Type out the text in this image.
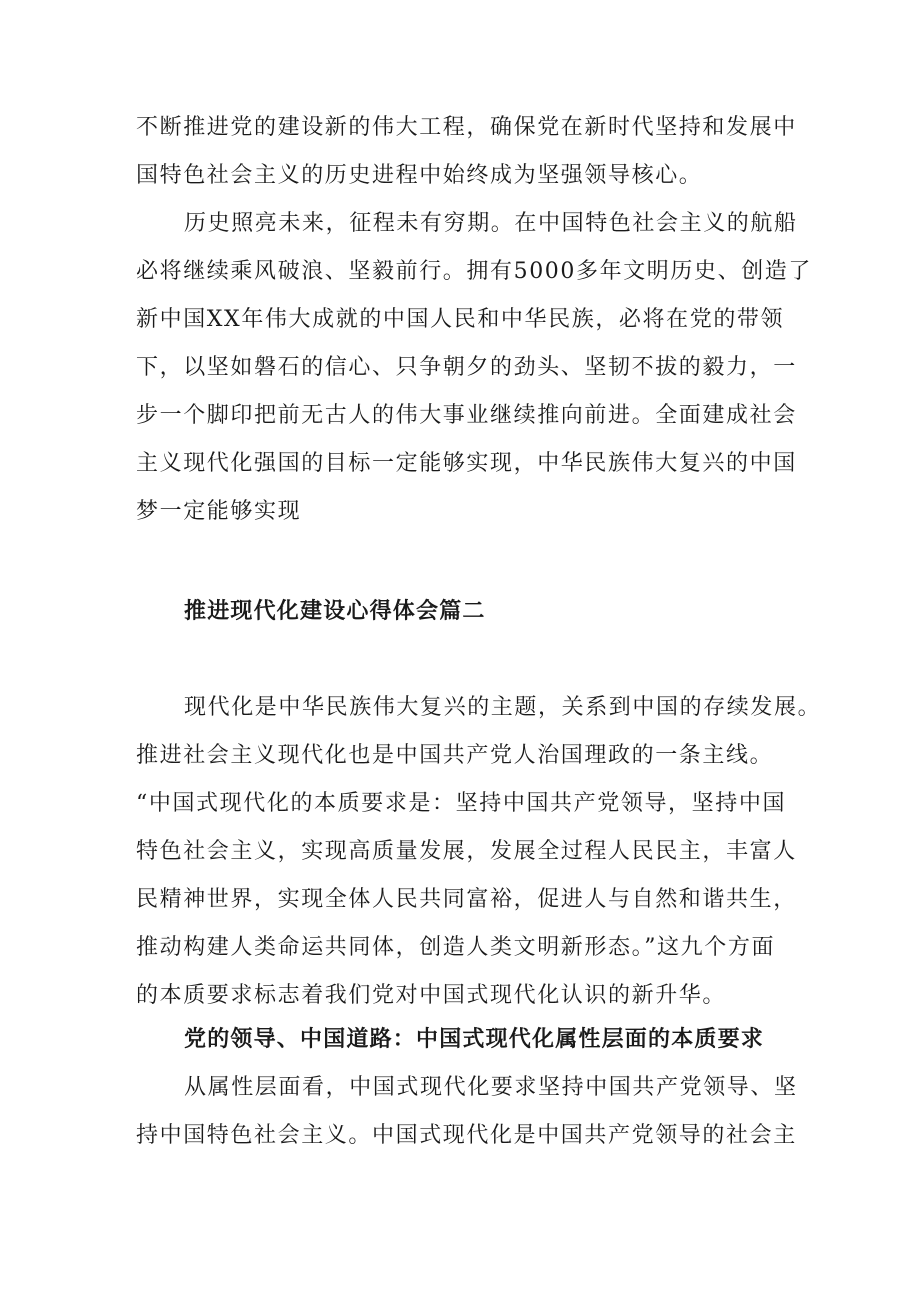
不断推进党的建设新的伟大工程，确保党在新时代坚持和发展中
国特色社会主义的历史进程中始终成为坚强领导核心。

历史照亮未来，征程未有穷期。在中国特色社会主义的航船
必将继续乘风破浪、坚毅前行。拥有5000多年文明历史、创造了
新中国XX年伟大成就的中国人民和中华民族，必将在党的带领
下，以坚如磐石的信心、只争朝夕的劲头、坚韧不拔的毅力，一
步一个脚印把前无古人的伟大事业继续推向前进。全面建成社会
主义现代化强国的目标一定能够实现，中华民族伟大复兴的中国
梦一定能够实现

推进现代化建设心得体会篇二

现代化是中华民族伟大复兴的主题，关系到中国的存续发展。
推进社会主义现代化也是中国共产党人治国理政的一条主线。
“中国式现代化的本质要求是：坚持中国共产党领导，坚持中国
特色社会主义，实现高质量发展，发展全过程人民民主，丰富人
民精神世界，实现全体人民共同富裕，促进人与自然和谐共生，
推动构建人类命运共同体，创造人类文明新形态。”这九个方面
的本质要求标志着我们党对中国式现代化认识的新升华。

党的领导、中国道路：中国式现代化属性层面的本质要求

从属性层面看，中国式现代化要求坚持中国共产党领导、坚
持中国特色社会主义。中国式现代化是中国共产党领导的社会主
